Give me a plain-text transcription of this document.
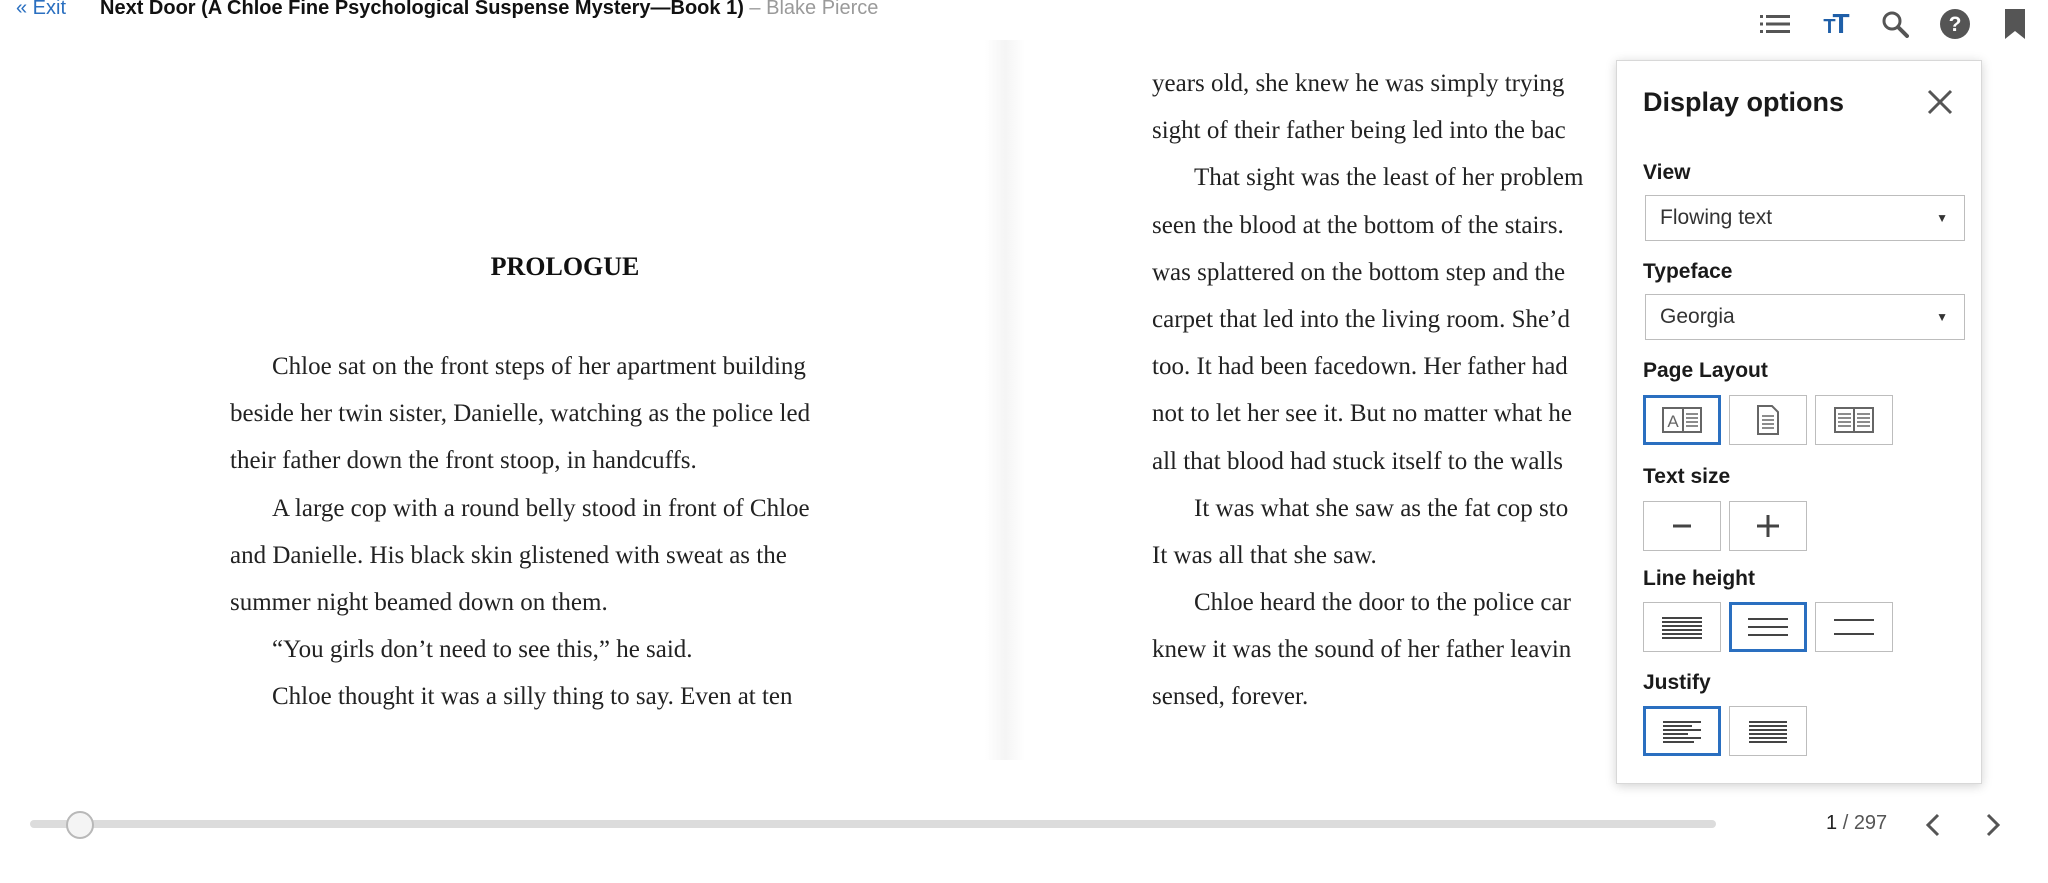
« Exit Next Door (A Chloe Fine Psychological Suspense Mystery—Book 1) – Blake Pierce
TT	?
PROLOGUE
Chloe sat on the front steps of her apartment building
beside her twin sister, Danielle, watching as the police led
their father down the front stoop, in handcuffs.
A large cop with a round belly stood in front of Chloe
and Danielle. His black skin glistened with sweat as the
summer night beamed down on them.
“You girls don’t need to see this,” he said.
Chloe thought it was a silly thing to say. Even at ten
years old, she knew he was simply trying
sight of their father being led into the bac
That sight was the least of her problem
seen the blood at the bottom of the stairs.
was splattered on the bottom step and the
carpet that led into the living room. She’d
too. It had been facedown. Her father had
not to let her see it. But no matter what he
all that blood had stuck itself to the walls
It was what she saw as the fat cop sto
It was all that she saw.
Chloe heard the door to the police car
knew it was the sound of her father leavin
sensed, forever.
Display options
View
Flowing text	▼
Typeface
Georgia	▼
Page Layout
A
Text size
Line height
Justify
1 / 297
